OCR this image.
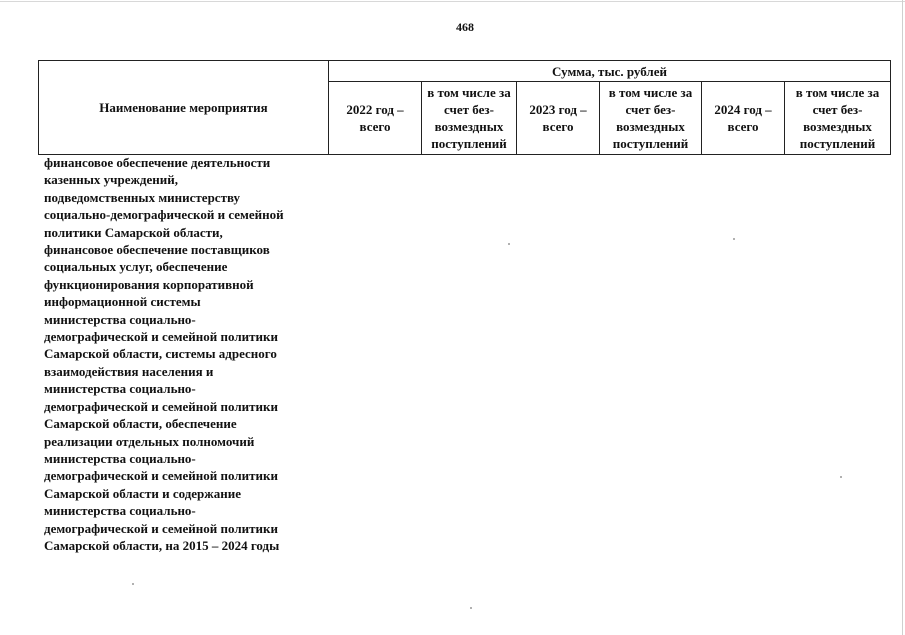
468
Наименование мероприятия	Сумма, тыс. рублей					
	2022 год – всего	в том числе за счет без-возмездных поступлений	2023 год – всего	в том числе за счет без-возмездных поступлений	2024 год – всего	в том числе за счет без-возмездных поступлений
финансовое обеспечение деятельности
казенных учреждений,
подведомственных министерству
социально-демографической и семейной
политики Самарской области,
финансовое обеспечение поставщиков
социальных услуг, обеспечение
функционирования корпоративной
информационной системы
министерства социально-
демографической и семейной политики
Самарской области, системы адресного
взаимодействия населения и
министерства социально-
демографической и семейной политики
Самарской области, обеспечение
реализации отдельных полномочий
министерства социально-
демографической и семейной политики
Самарской области и содержание
министерства социально-
демографической и семейной политики
Самарской области, на 2015 – 2024 годы
